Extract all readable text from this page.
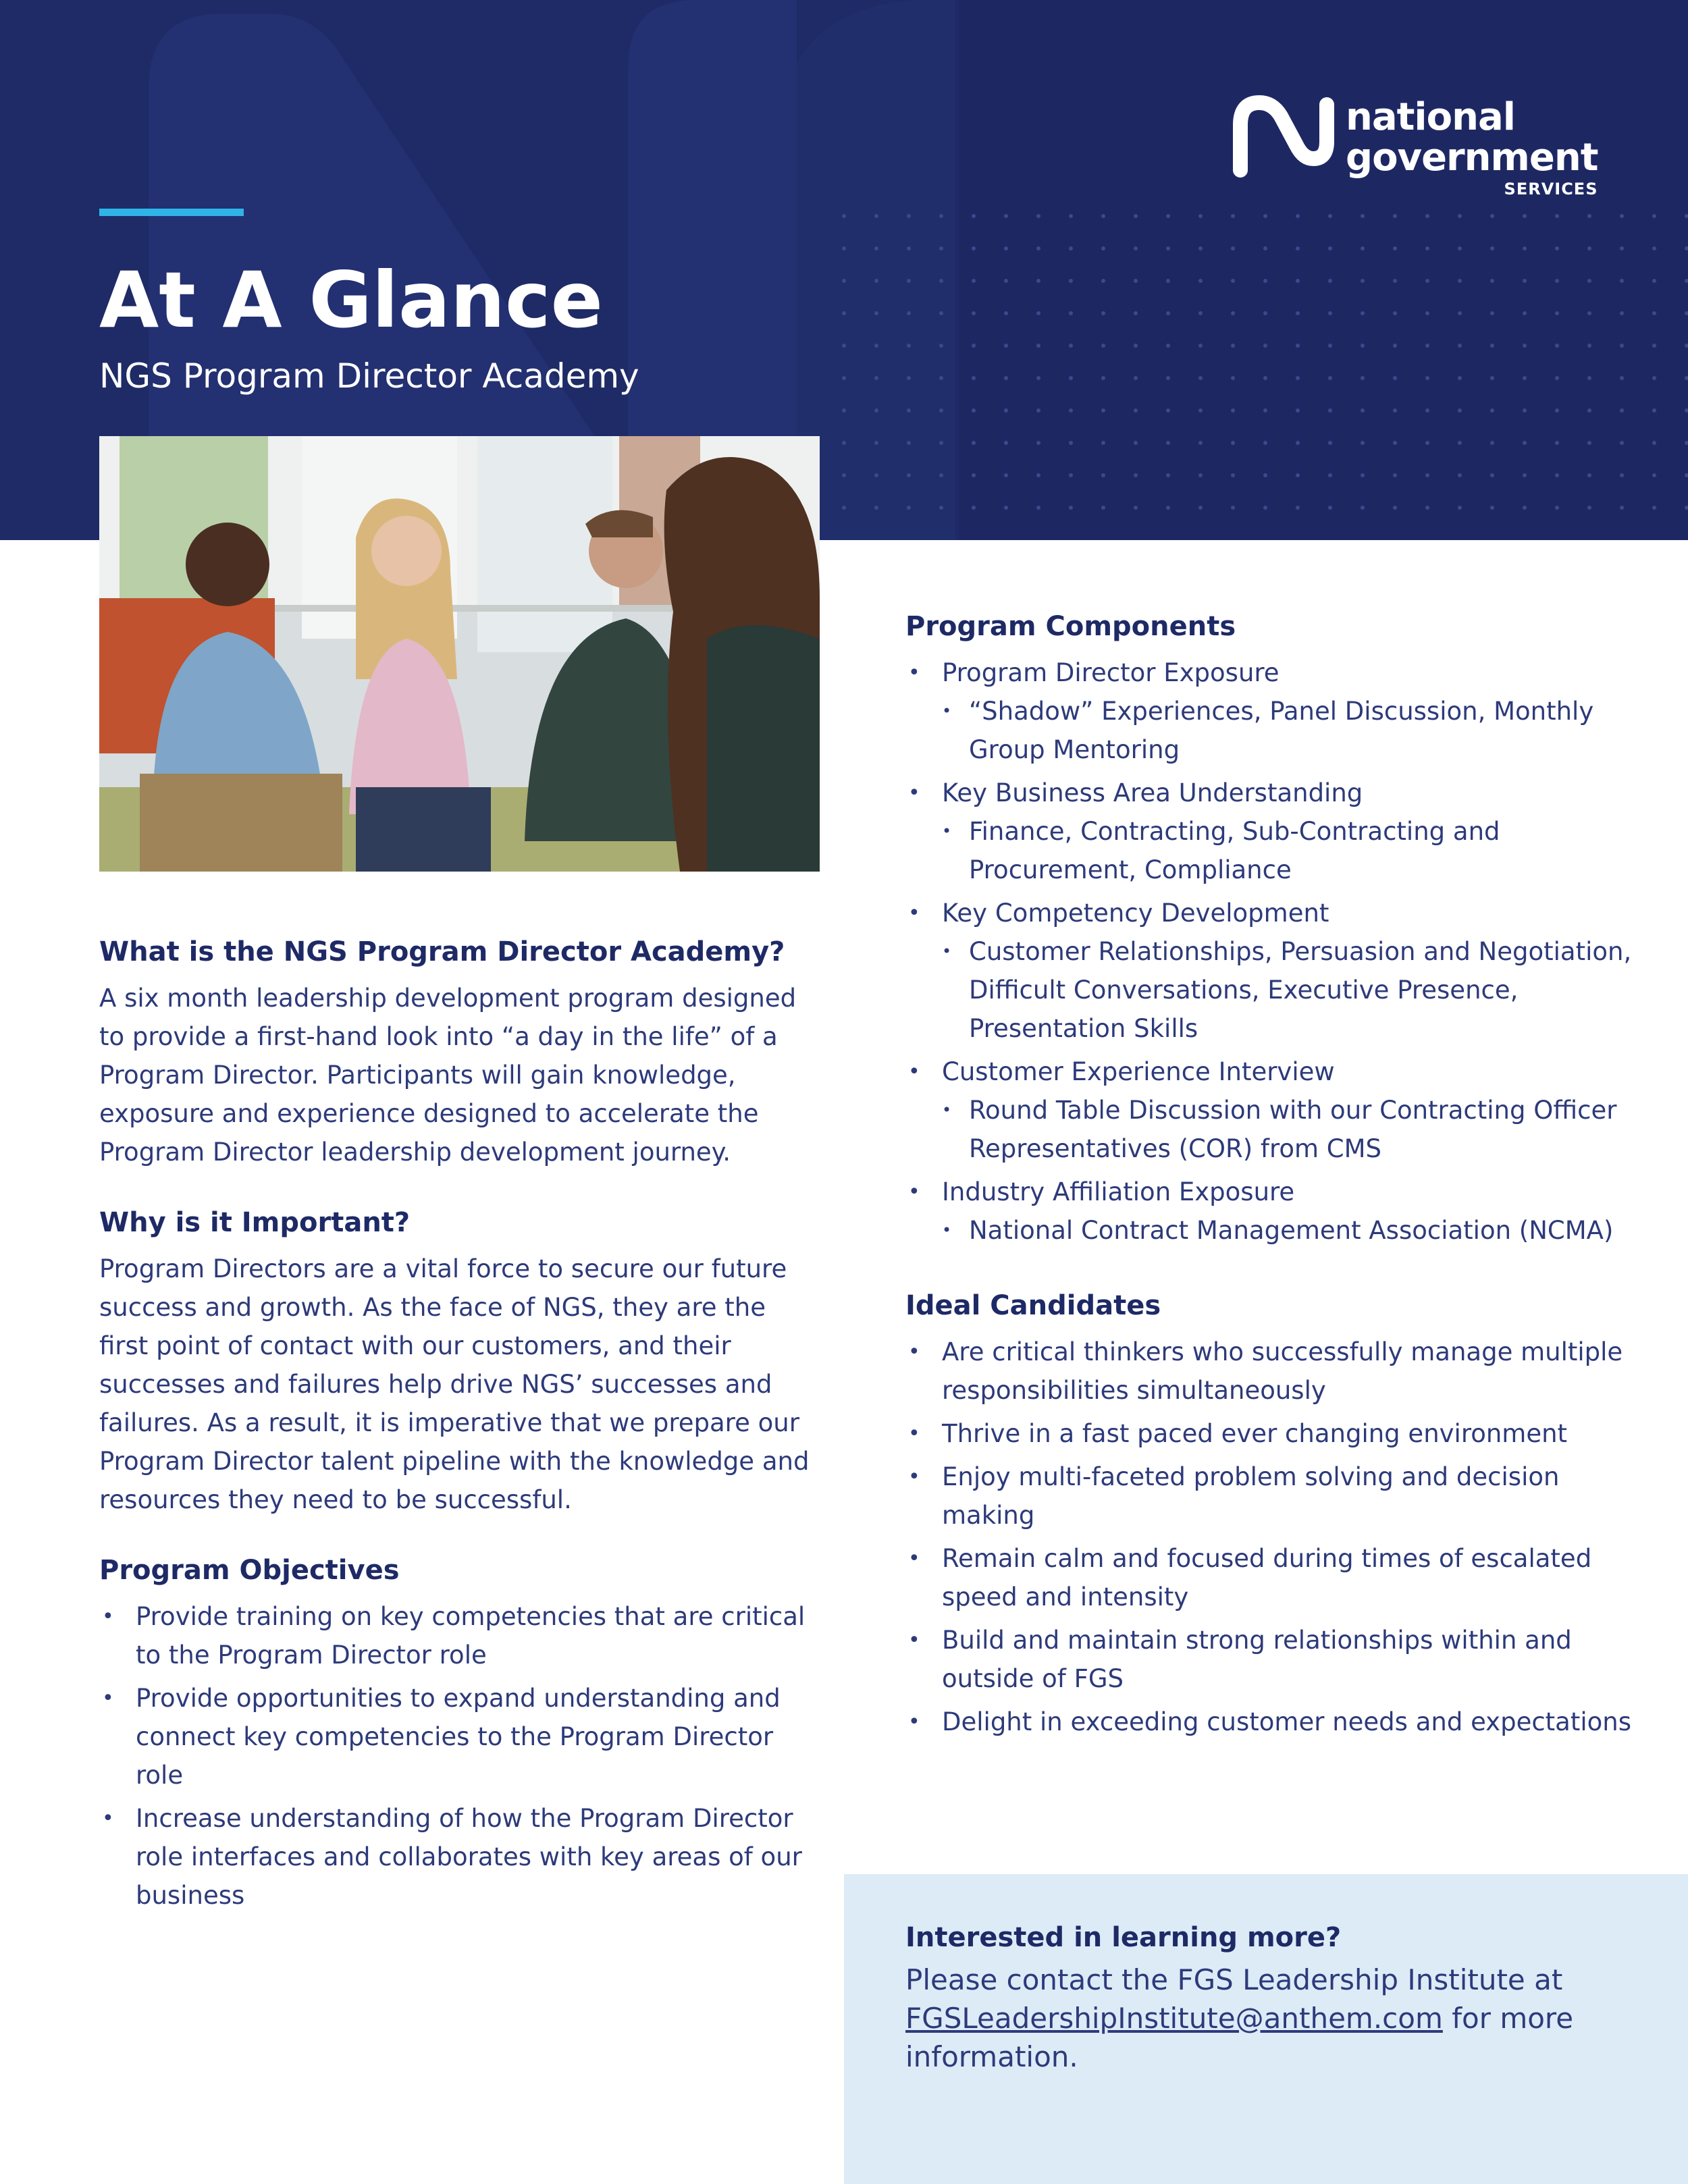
national
government
SERVICES
At A Glance
NGS Program Director Academy
What is the NGS Program Director Academy?

A six month leadership development program designed to provide a first-hand look into “a day in the life” of a Program Director. Participants will gain knowledge, exposure and experience designed to accelerate the Program Director leadership development journey.

Why is it Important?

Program Directors are a vital force to secure our future success and growth. As the face of NGS, they are the first point of contact with our customers, and their successes and failures help drive NGS’ successes and failures. As a result, it is imperative that we prepare our Program Director talent pipeline with the knowledge and resources they need to be successful.

Program Objectives
• Provide training on key competencies that are critical to the Program Director role
• Provide opportunities to expand understanding and connect key competencies to the Program Director role
• Increase understanding of how the Program Director role interfaces and collaborates with key areas of our business
Program Components
• Program Director Exposure
• “Shadow” Experiences, Panel Discussion, Monthly Group Mentoring
• Key Business Area Understanding
• Finance, Contracting, Sub-Contracting and Procurement, Compliance
• Key Competency Development
• Customer Relationships, Persuasion and Negotiation, Difficult Conversations, Executive Presence, Presentation Skills
• Customer Experience Interview
• Round Table Discussion with our Contracting Officer Representatives (COR) from CMS
• Industry Affiliation Exposure
• National Contract Management Association (NCMA)
Ideal Candidates
• Are critical thinkers who successfully manage multiple responsibilities simultaneously
• Thrive in a fast paced ever changing environment
• Enjoy multi-faceted problem solving and decision making
• Remain calm and focused during times of escalated speed and intensity
• Build and maintain strong relationships within and outside of FGS
• Delight in exceeding customer needs and expectations
Interested in learning more?

Please contact the FGS Leadership Institute at FGSLeadershipInstitute@anthem.com for more information.
